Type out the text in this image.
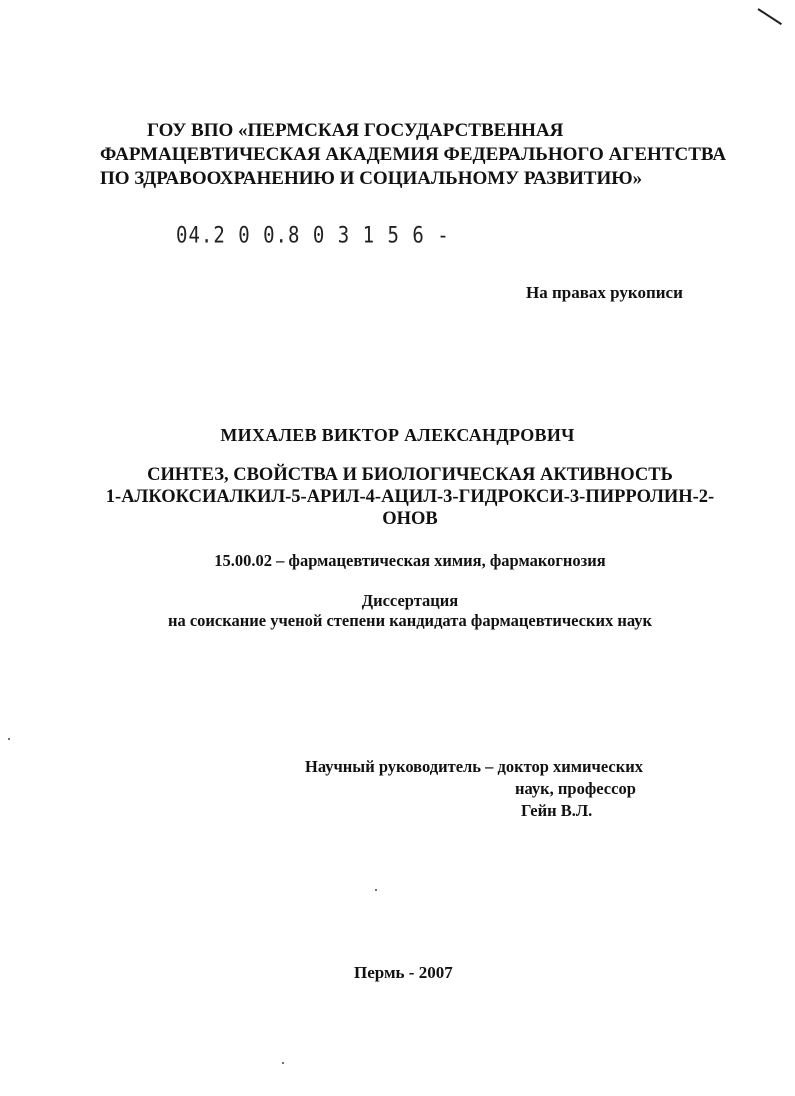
ГОУ ВПО «ПЕРМСКАЯ ГОСУДАРСТВЕННАЯ
ФАРМАЦЕВТИЧЕСКАЯ АКАДЕМИЯ ФЕДЕРАЛЬНОГО АГЕНТСТВА
ПО ЗДРАВООХРАНЕНИЮ И СОЦИАЛЬНОМУ РАЗВИТИЮ»
04.2 0 0.8 0 3 1 5 6 -
На правах рукописи
МИХАЛЕВ ВИКТОР АЛЕКСАНДРОВИЧ
СИНТЕЗ, СВОЙСТВА И БИОЛОГИЧЕСКАЯ АКТИВНОСТЬ
1-АЛКОКСИАЛКИЛ-5-АРИЛ-4-АЦИЛ-3-ГИДРОКСИ-3-ПИРРОЛИН-2-
ОНОВ
15.00.02 – фармацевтическая химия, фармакогнозия
Диссертация
на соискание ученой степени кандидата фармацевтических наук
Научный руководитель – доктор химических
наук, профессор
Гейн В.Л.
Пермь - 2007
